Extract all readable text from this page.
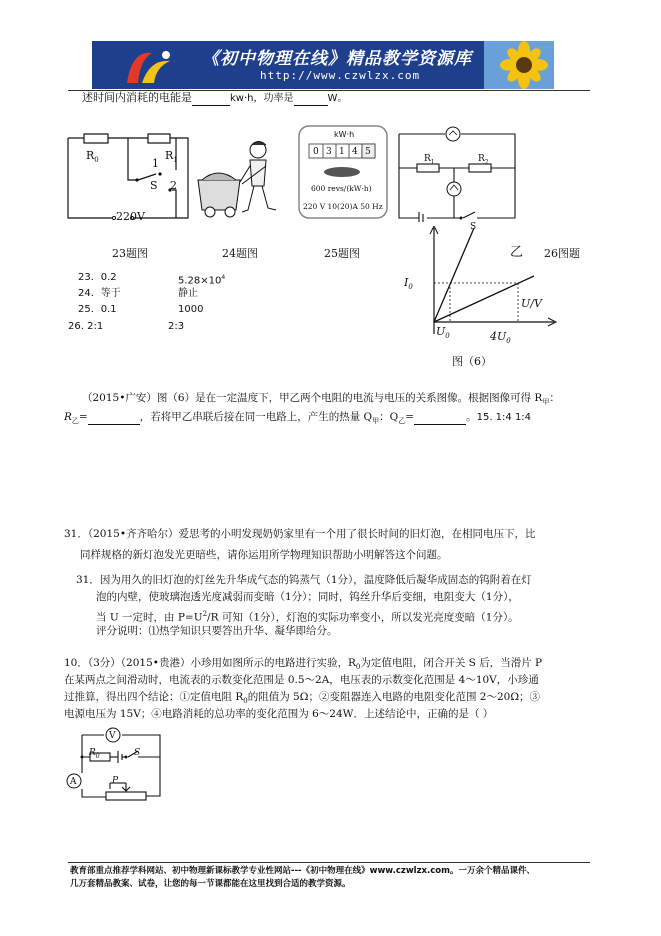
《初中物理在线》精品教学资源库
http://www.czwlzx.com
述时间内消耗的电能是	kw·h，功率是	W。
$R_0$	$R_1$
1
S 2
220V
kW·h
0 3 1 4 5
600 revs/(kW·h)
220 V 10(20)A 50 Hz
$R_1$	$R_2$
S
$I_0$
乙
U/V
$U_0$	$4U_0$
图（6）
23题图	24题图	25题图	26图题
23．0.2	$5.28\times 10^4$
24．等于	静止
25．0.1	1000
26. 2:1	2:3
（2015•广安）图（6）是在一定温度下，甲乙两个电阻的电流与电压的关系图像。根据图像可得 $R_甲$：
$R_乙=$	，若将甲乙串联后接在同一电路上，产生的热量 $Q_甲$：$Q_乙=$	。15. 1:4 1:4
31．（2015•齐齐哈尔）爱思考的小明发现奶奶家里有一个用了很长时间的旧灯泡，在相同电压下，比
同样规格的新灯泡发光更暗些，请你运用所学物理知识帮助小明解答这个问题。
31．因为用久的旧灯泡的灯丝先升华成气态的钨蒸气（1分），温度降低后凝华成固态的钨附着在灯
泡的内壁，使玻璃泡透光度减弱而变暗（1分）；同时，钨丝升华后变细，电阻变大（1分），
当 U 一定时，由 $P=U^2/R$ 可知（1分），灯泡的实际功率变小，所以发光亮度变暗（1分）。
评分说明：⑴热学知识只要答出升华、凝华即给分。
10．（3分）（2015•贵港）小珍用如图所示的电路进行实验，$R_0$为定值电阻，闭合开关 S 后，当滑片 P
在某两点之间滑动时，电流表的示数变化范围是 0.5～2A，电压表的示数变化范围是 4～10V，小珍通
过推算，得出四个结论：①定值电阻 $R_0$的阻值为 5Ω；②变阻器连入电路的电阻变化范围 2～20Ω；③
电源电压为 15V；④电路消耗的总功率的变化范围为 6～24W．上述结论中，正确的是（ ）
V
A
$R_0$	S
P
教育部重点推荐学科网站、初中物理新课标教学专业性网站---《初中物理在线》www.czwlzx.com。一万余个精品课件、
几万套精品教案、试卷，让您的每一节课都能在这里找到合适的教学资源。
